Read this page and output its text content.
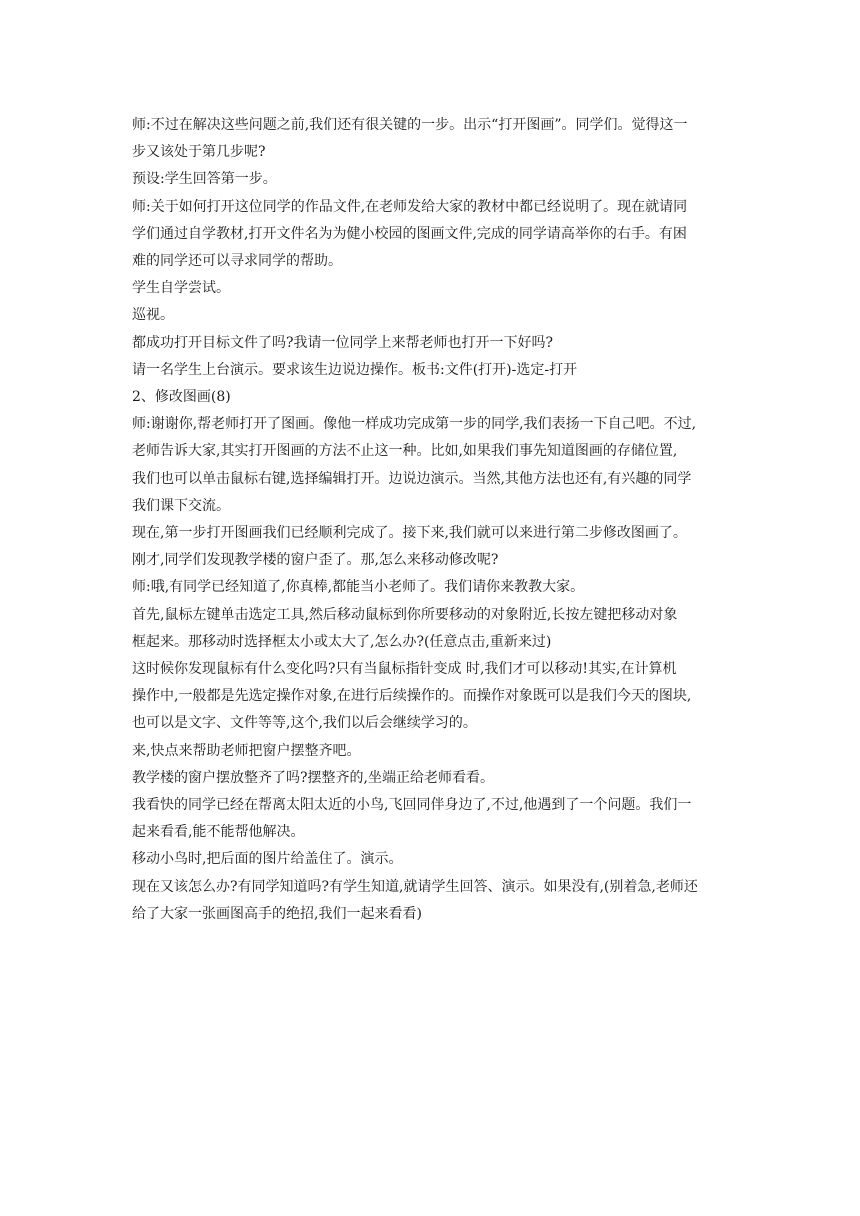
师:不过在解决这些问题之前,我们还有很关键的一步。出示“打开图画”。同学们。觉得这一
步又该处于第几步呢?
预设:学生回答第一步。
师:关于如何打开这位同学的作品文件,在老师发给大家的教材中都已经说明了。现在就请同
学们通过自学教材,打开文件名为为健小校园的图画文件,完成的同学请高举你的右手。有困
难的同学还可以寻求同学的帮助。
学生自学尝试。
巡视。
都成功打开目标文件了吗?我请一位同学上来帮老师也打开一下好吗?
请一名学生上台演示。要求该生边说边操作。板书:文件(打开)-选定-打开
2、修改图画(8)
师:谢谢你,帮老师打开了图画。像他一样成功完成第一步的同学,我们表扬一下自己吧。不过,
老师告诉大家,其实打开图画的方法不止这一种。比如,如果我们事先知道图画的存储位置,
我们也可以单击鼠标右键,选择编辑打开。边说边演示。当然,其他方法也还有,有兴趣的同学
我们课下交流。
现在,第一步打开图画我们已经顺利完成了。接下来,我们就可以来进行第二步修改图画了。
刚才,同学们发现教学楼的窗户歪了。那,怎么来移动修改呢?
师:哦,有同学已经知道了,你真棒,都能当小老师了。我们请你来教教大家。
首先,鼠标左键单击选定工具,然后移动鼠标到你所要移动的对象附近,长按左键把移动对象
框起来。那移动时选择框太小或太大了,怎么办?(任意点击,重新来过)
这时候你发现鼠标有什么变化吗?只有当鼠标指针变成 时,我们才可以移动!其实,在计算机
操作中,一般都是先选定操作对象,在进行后续操作的。而操作对象既可以是我们今天的图块,
也可以是文字、文件等等,这个,我们以后会继续学习的。
来,快点来帮助老师把窗户摆整齐吧。
教学楼的窗户摆放整齐了吗?摆整齐的,坐端正给老师看看。
我看快的同学已经在帮离太阳太近的小鸟,飞回同伴身边了,不过,他遇到了一个问题。我们一
起来看看,能不能帮他解决。
移动小鸟时,把后面的图片给盖住了。演示。
现在又该怎么办?有同学知道吗?有学生知道,就请学生回答、演示。如果没有,(别着急,老师还
给了大家一张画图高手的绝招,我们一起来看看)
